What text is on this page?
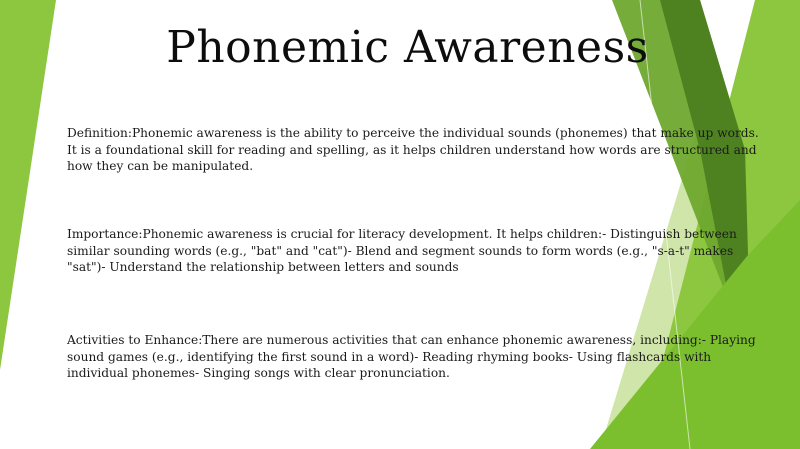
Phonemic Awareness
Definition:Phonemic awareness is the ability to perceive the individual sounds (phonemes) that make up words. It is a foundational skill for reading and spelling, as it helps children understand how words are structured and how they can be manipulated.
Importance:Phonemic awareness is crucial for literacy development. It helps children:- Distinguish between similar sounding words (e.g., "bat" and "cat")- Blend and segment sounds to form words (e.g., "s-a-t" makes "sat")- Understand the relationship between letters and sounds
Activities to Enhance:There are numerous activities that can enhance phonemic awareness, including:- Playing sound games (e.g., identifying the first sound in a word)- Reading rhyming books- Using flashcards with individual phonemes- Singing songs with clear pronunciation.
